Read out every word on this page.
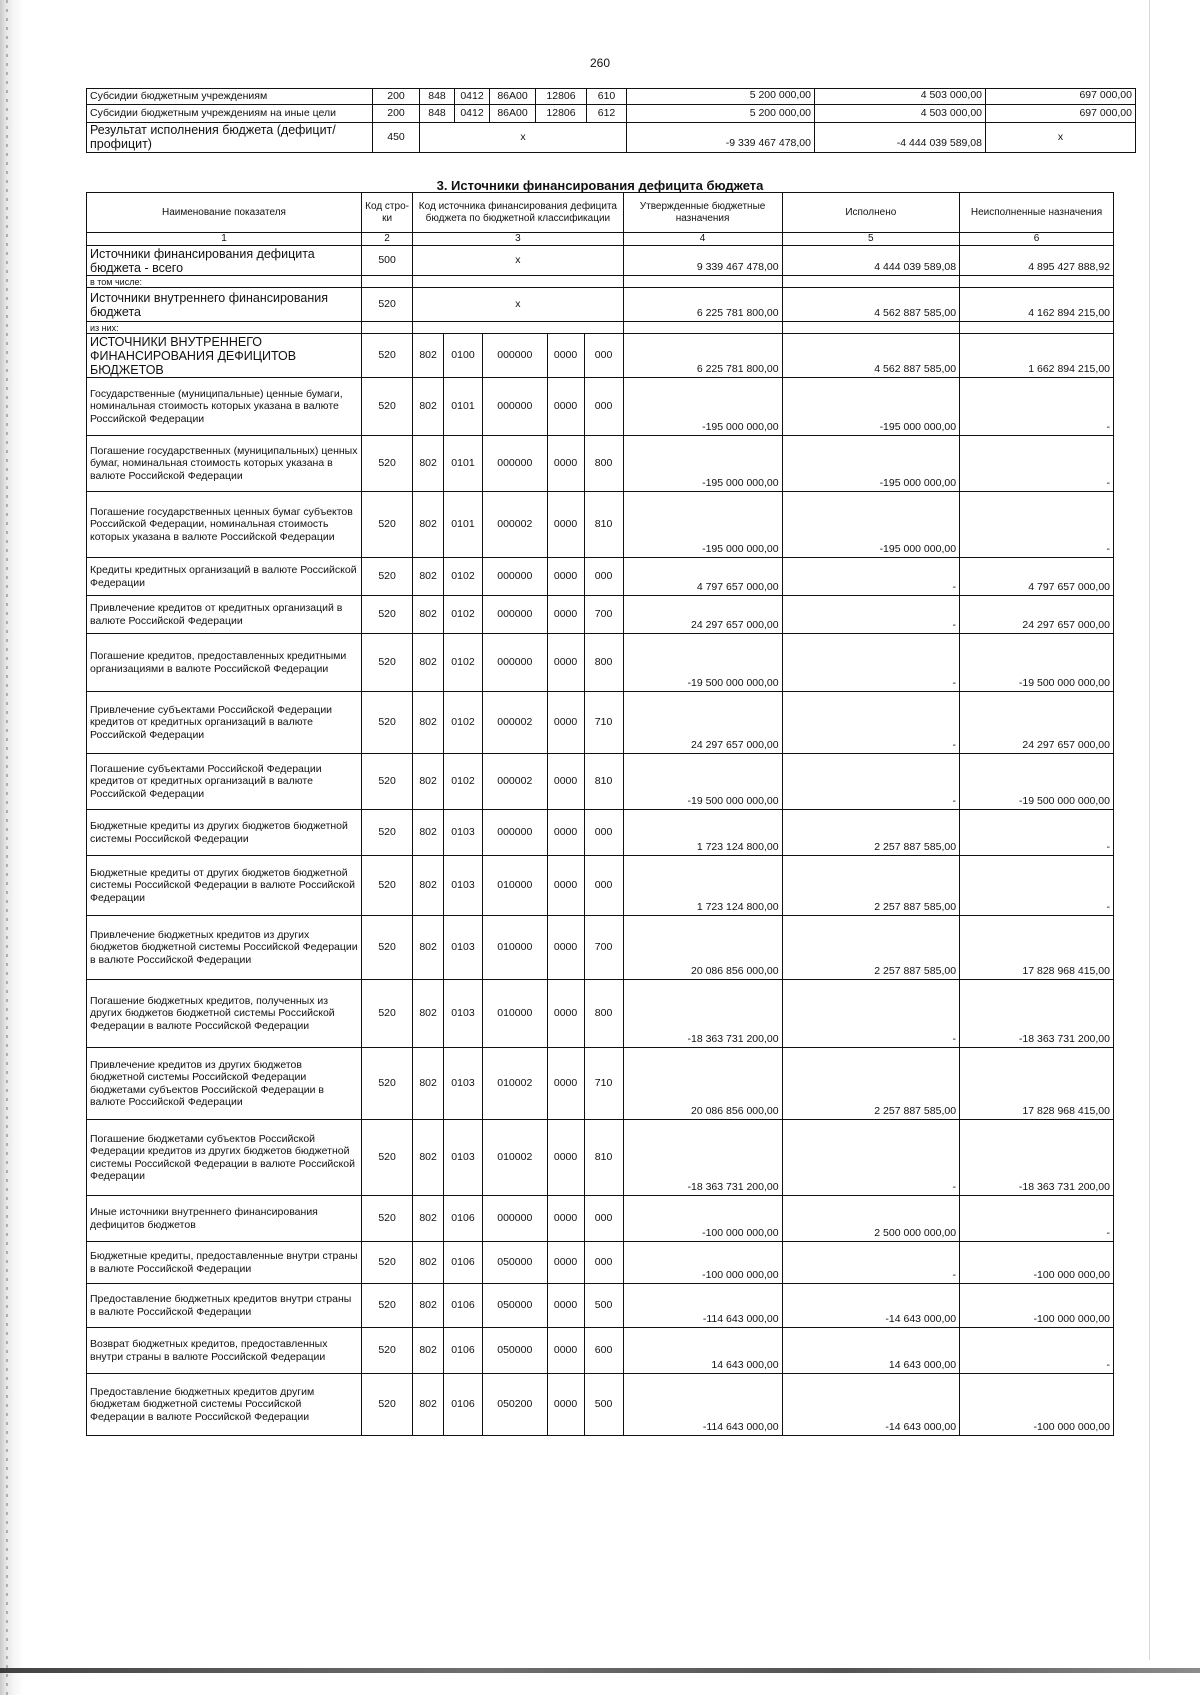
260
Субсидии бюджетным учреждениям	200	848	0412	86А00	12806	610	5 200 000,00	4 503 000,00	697 000,00
Субсидии бюджетным учреждениям на иные цели	200	848	0412	86А00	12806	612	5 200 000,00	4 503 000,00	697 000,00
Результат исполнения бюджета (дефицит/профицит)	450	x					-9 339 467 478,00	-4 444 039 589,08	x
3. Источники финансирования дефицита бюджета
Наименование показателя	Код стро- ки	Код источника финансирования дефицита бюджета по бюджетной классификации					Утвержденные бюджетные назначения	Исполнено	Неисполненные назначения
1	2	3					4	5	6
Источники финансирования дефицита бюджета - всего	500	x					9 339 467 478,00	4 444 039 589,08	4 895 427 888,92
в том числе:									
Источники внутреннего финансирования бюджета	520	x					6 225 781 800,00	4 562 887 585,00	4 162 894 215,00
из них:									
ИСТОЧНИКИ ВНУТРЕННЕГО ФИНАНСИРОВАНИЯ ДЕФИЦИТОВ БЮДЖЕТОВ	520	802	0100	000000	0000	000	6 225 781 800,00	4 562 887 585,00	1 662 894 215,00
Государственные (муниципальные) ценные бумаги, номинальная стоимость которых указана в валюте Российской Федерации	520	802	0101	000000	0000	000	-195 000 000,00	-195 000 000,00	-
Погашение государственных (муниципальных) ценных бумаг, номинальная стоимость которых указана в валюте Российской Федерации	520	802	0101	000000	0000	800	-195 000 000,00	-195 000 000,00	-
Погашение государственных ценных бумаг субъектов Российской Федерации, номинальная стоимость которых указана в валюте Российской Федерации	520	802	0101	000002	0000	810	-195 000 000,00	-195 000 000,00	-
Кредиты кредитных организаций в валюте Российской Федерации	520	802	0102	000000	0000	000	4 797 657 000,00	-	4 797 657 000,00
Привлечение кредитов от кредитных организаций в валюте Российской Федерации	520	802	0102	000000	0000	700	24 297 657 000,00	-	24 297 657 000,00
Погашение кредитов, предоставленных кредитными организациями в валюте Российской Федерации	520	802	0102	000000	0000	800	-19 500 000 000,00	-	-19 500 000 000,00
Привлечение субъектами Российской Федерации кредитов от кредитных организаций в валюте Российской Федерации	520	802	0102	000002	0000	710	24 297 657 000,00	-	24 297 657 000,00
Погашение субъектами Российской Федерации кредитов от кредитных организаций в валюте Российской Федерации	520	802	0102	000002	0000	810	-19 500 000 000,00	-	-19 500 000 000,00
Бюджетные кредиты из других бюджетов бюджетной системы Российской Федерации	520	802	0103	000000	0000	000	1 723 124 800,00	2 257 887 585,00	-
Бюджетные кредиты от других бюджетов бюджетной системы Российской Федерации в валюте Российской Федерации	520	802	0103	010000	0000	000	1 723 124 800,00	2 257 887 585,00	-
Привлечение бюджетных кредитов из других бюджетов бюджетной системы Российской Федерации в валюте Российской Федерации	520	802	0103	010000	0000	700	20 086 856 000,00	2 257 887 585,00	17 828 968 415,00
Погашение бюджетных кредитов, полученных из других бюджетов бюджетной системы Российской Федерации в валюте Российской Федерации	520	802	0103	010000	0000	800	-18 363 731 200,00	-	-18 363 731 200,00
Привлечение кредитов из других бюджетов бюджетной системы Российской Федерации бюджетами субъектов Российской Федерации в валюте Российской Федерации	520	802	0103	010002	0000	710	20 086 856 000,00	2 257 887 585,00	17 828 968 415,00
Погашение бюджетами субъектов Российской Федерации кредитов из других бюджетов бюджетной системы Российской Федерации в валюте Российской Федерации	520	802	0103	010002	0000	810	-18 363 731 200,00	-	-18 363 731 200,00
Иные источники внутреннего финансирования дефицитов бюджетов	520	802	0106	000000	0000	000	-100 000 000,00	2 500 000 000,00	-
Бюджетные кредиты, предоставленные внутри страны в валюте Российской Федерации	520	802	0106	050000	0000	000	-100 000 000,00	-	-100 000 000,00
Предоставление бюджетных кредитов внутри страны в валюте Российской Федерации	520	802	0106	050000	0000	500	-114 643 000,00	-14 643 000,00	-100 000 000,00
Возврат бюджетных кредитов, предоставленных внутри страны в валюте Российской Федерации	520	802	0106	050000	0000	600	14 643 000,00	14 643 000,00	-
Предоставление бюджетных кредитов другим бюджетам бюджетной системы Российской Федерации в валюте Российской Федерации	520	802	0106	050200	0000	500	-114 643 000,00	-14 643 000,00	-100 000 000,00
